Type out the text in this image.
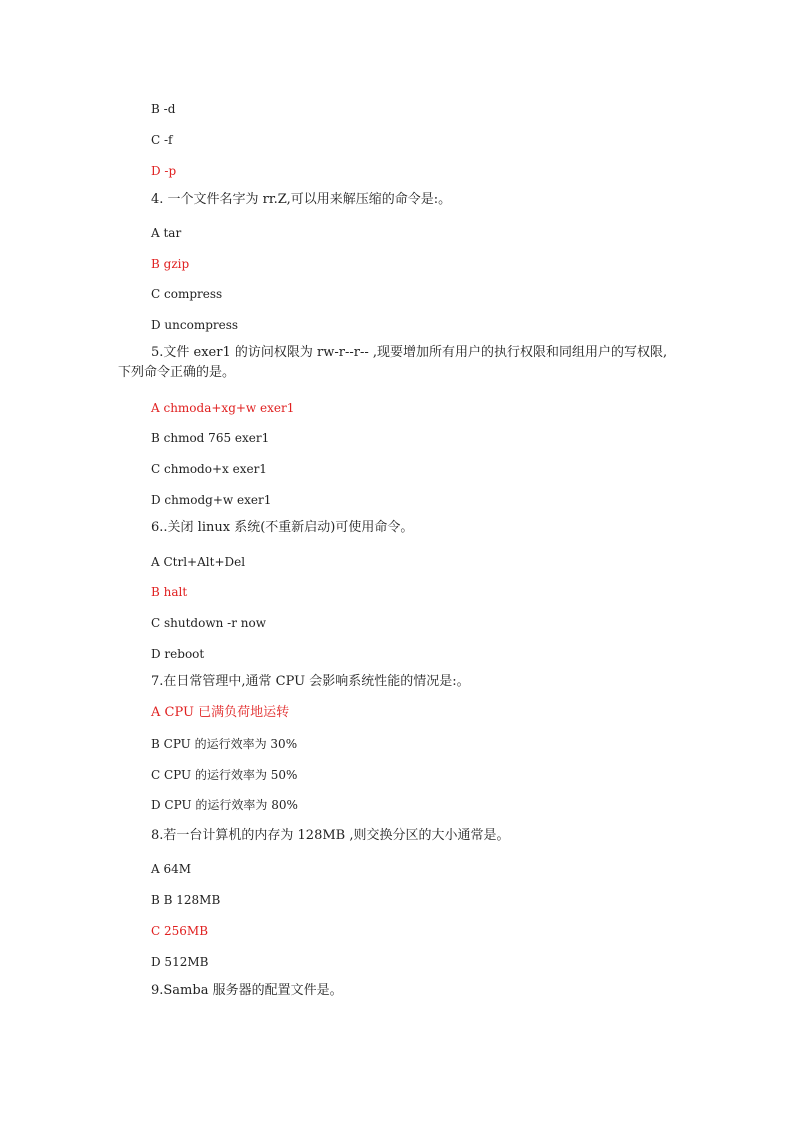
B -d
C -f
D -p
4. 一个文件名字为 rr.Z,可以用来解压缩的命令是:。
A tar
B gzip
C compress
D uncompress
5.文件 exer1 的访问权限为 rw-r--r-- ,现要增加所有用户的执行权限和同组用户的写权限,下列命令正确的是。
A chmoda+xg+w exer1
B chmod 765 exer1
C chmodo+x exer1
D chmodg+w exer1
6..关闭 linux 系统(不重新启动)可使用命令。
A Ctrl+Alt+Del
B halt
C shutdown -r now
D reboot
7.在日常管理中,通常 CPU 会影响系统性能的情况是:。
A CPU 已满负荷地运转
B CPU 的运行效率为 30%
C CPU 的运行效率为 50%
D CPU 的运行效率为 80%
8.若一台计算机的内存为 128MB ,则交换分区的大小通常是。
A 64M
B B 128MB
C 256MB
D 512MB
9.Samba 服务器的配置文件是。
